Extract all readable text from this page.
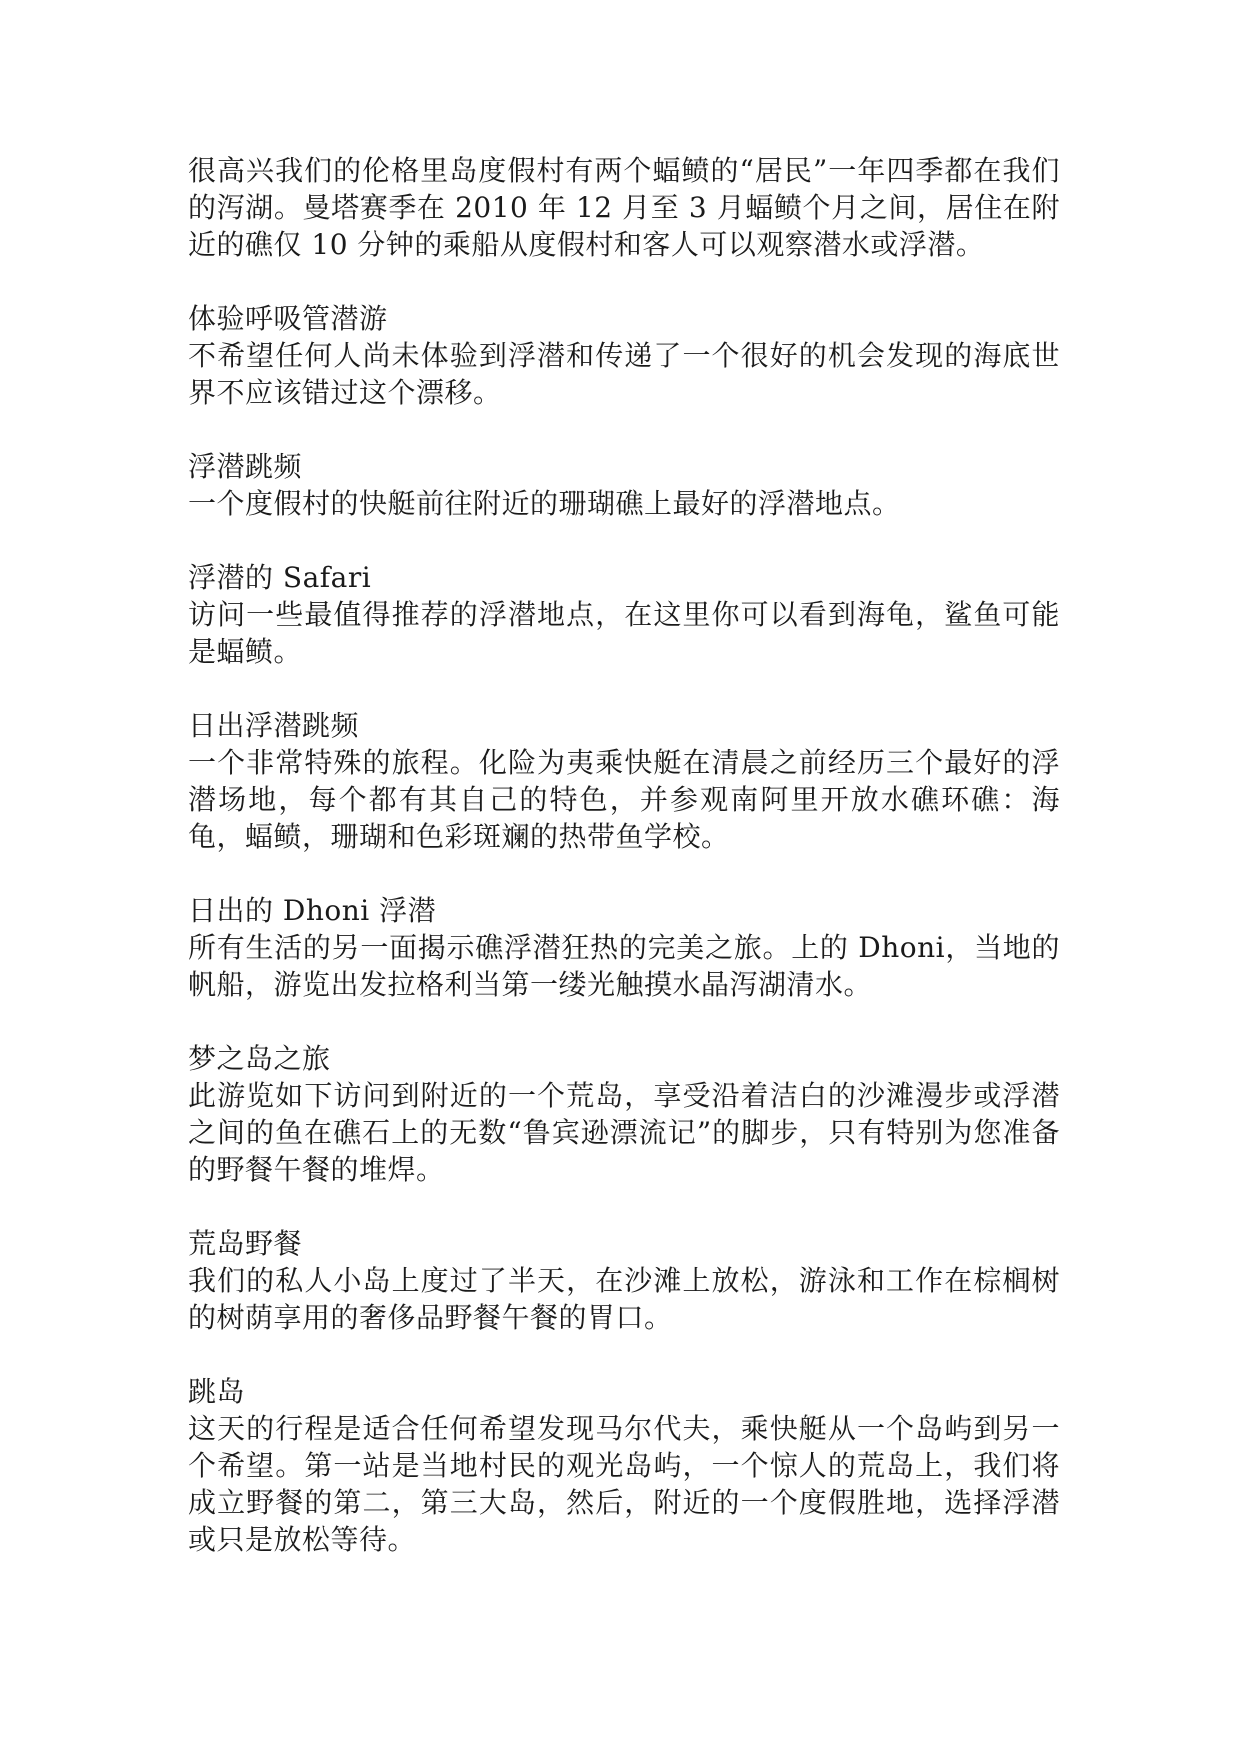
很高兴我们的伦格里岛度假村有两个蝠鲼的“居民”一年四季都在我们的泻湖。曼塔赛季在 2010 年 12 月至 3 月蝠鲼个月之间，居住在附近的礁仅 10 分钟的乘船从度假村和客人可以观察潜水或浮潜。

体验呼吸管潜游

不希望任何人尚未体验到浮潜和传递了一个很好的机会发现的海底世界不应该错过这个漂移。

浮潜跳频

一个度假村的快艇前往附近的珊瑚礁上最好的浮潜地点。

浮潜的 Safari

访问一些最值得推荐的浮潜地点，在这里你可以看到海龟，鲨鱼可能是蝠鲼。

日出浮潜跳频

一个非常特殊的旅程。化险为夷乘快艇在清晨之前经历三个最好的浮潜场地，每个都有其自己的特色，并参观南阿里开放水礁环礁：海龟，蝠鲼，珊瑚和色彩斑斓的热带鱼学校。

日出的 Dhoni 浮潜

所有生活的另一面揭示礁浮潜狂热的完美之旅。上的 Dhoni，当地的帆船，游览出发拉格利当第一缕光触摸水晶泻湖清水。

梦之岛之旅

此游览如下访问到附近的一个荒岛，享受沿着洁白的沙滩漫步或浮潜之间的鱼在礁石上的无数“鲁宾逊漂流记”的脚步，只有特别为您准备的野餐午餐的堆焊。

荒岛野餐

我们的私人小岛上度过了半天，在沙滩上放松，游泳和工作在棕榈树的树荫享用的奢侈品野餐午餐的胃口。

跳岛

这天的行程是适合任何希望发现马尔代夫，乘快艇从一个岛屿到另一个希望。第一站是当地村民的观光岛屿，一个惊人的荒岛上，我们将成立野餐的第二，第三大岛，然后，附近的一个度假胜地，选择浮潜或只是放松等待。
